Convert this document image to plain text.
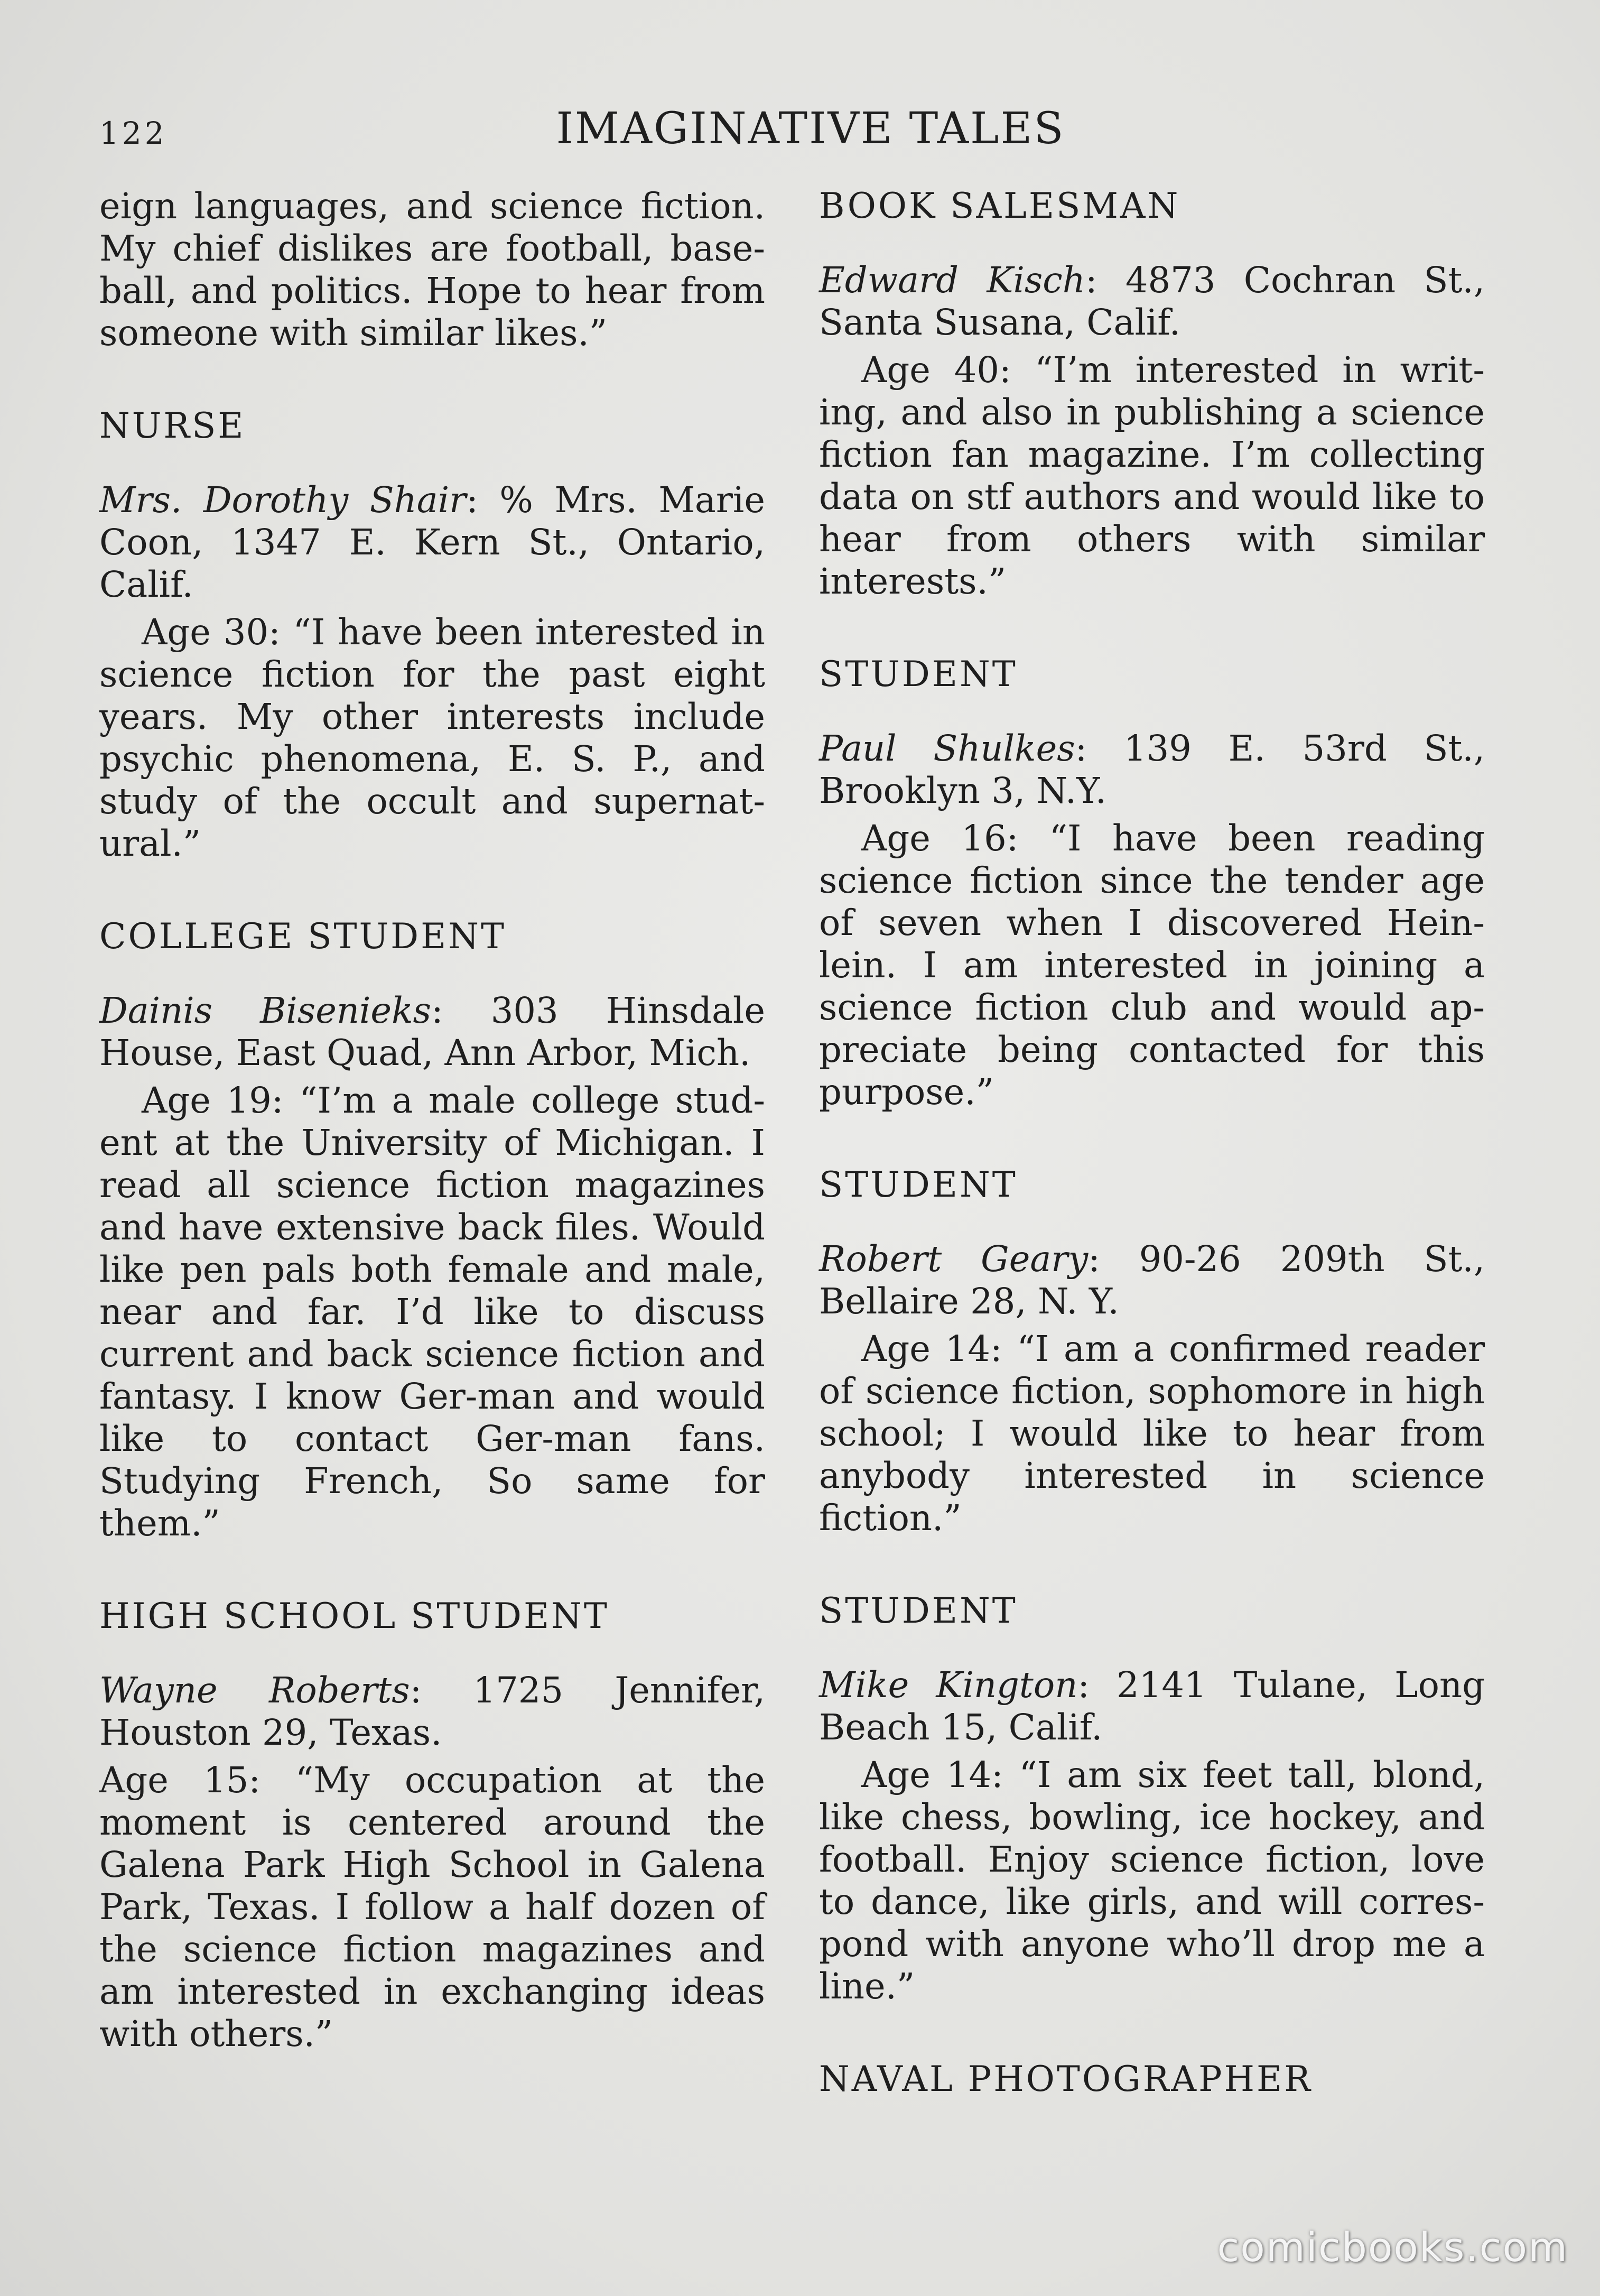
122	IMAGINATIVE TALES

eign languages, and science fiction. My chief dislikes are football, base-ball, and politics. Hope to hear from someone with similar likes.”

NURSE

Mrs. Dorothy Shair: % Mrs. Marie Coon, 1347 E. Kern St., Ontario, Calif.

Age 30: “I have been interested in science fiction for the past eight years. My other interests include psychic phenomena, E. S. P., and study of the occult and supernat-ural.”

COLLEGE STUDENT

Dainis Bisenieks: 303 Hinsdale House, East Quad, Ann Arbor, Mich.

Age 19: “I’m a male college stud-ent at the University of Michigan. I read all science fiction magazines and have extensive back files. Would like pen pals both female and male, near and far. I’d like to discuss current and back science fiction and fantasy. I know Ger-man and would like to contact Ger-man fans. Studying French, So same for them.”

HIGH SCHOOL STUDENT

Wayne Roberts: 1725 Jennifer, Houston 29, Texas.

Age 15: “My occupation at the moment is centered around the Galena Park High School in Galena Park, Texas. I follow a half dozen of the science fiction magazines and am interested in exchanging ideas with others.”

BOOK SALESMAN

Edward Kisch: 4873 Cochran St., Santa Susana, Calif.

Age 40: “I’m interested in writ-ing, and also in publishing a science fiction fan magazine. I’m collecting data on stf authors and would like to hear from others with similar interests.”

STUDENT

Paul Shulkes: 139 E. 53rd St., Brooklyn 3, N.Y.

Age 16: “I have been reading science fiction since the tender age of seven when I discovered Hein-lein. I am interested in joining a science fiction club and would ap-preciate being contacted for this purpose.”

STUDENT

Robert Geary: 90-26 209th St., Bellaire 28, N. Y.

Age 14: “I am a confirmed reader of science fiction, sophomore in high school; I would like to hear from anybody interested in science fiction.”

STUDENT

Mike Kington: 2141 Tulane, Long Beach 15, Calif.

Age 14: “I am six feet tall, blond, like chess, bowling, ice hockey, and football. Enjoy science fiction, love to dance, like girls, and will corres-pond with anyone who’ll drop me a line.”

NAVAL PHOTOGRAPHER

comicbooks.com
